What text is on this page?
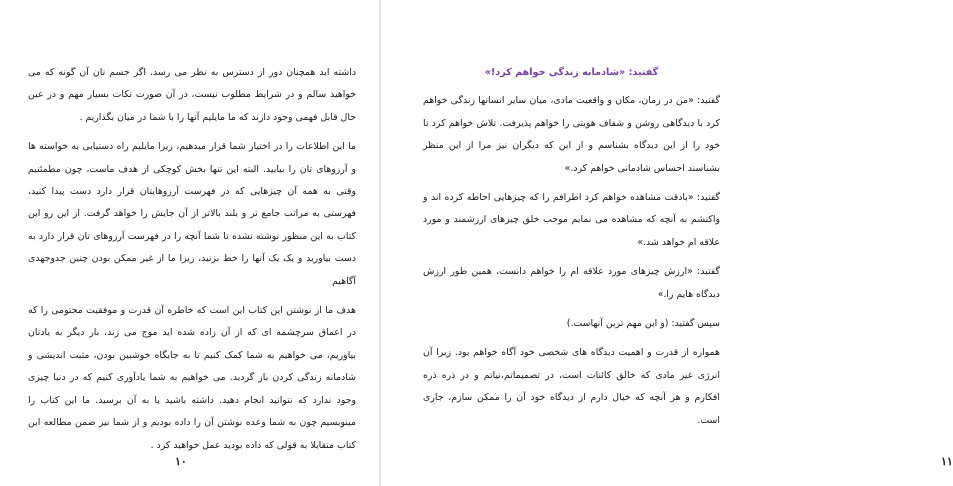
داشته اید همچنان دور از دسترس به نظر می رسد. اگر جسم تان آن گونه که می خواهید سالم و در شرایط مطلوب نیست، در آن صورت نکات بسیار مهم و در عین حال قابل فهمی وجود دارند که ما مایلیم آنها را با شما در میان بگذاریم .

ما این اطلاعات را در اختیار شما قرار میدهیم، زیرا مایلیم راه دستیابی به خواسته ها و آرزوهای تان را بیابید. البته این تنها بخش کوچکی از هدف ماست، چون مطمئنیم وقتی به همه آن چیزهایی که در فهرست آرزوهایتان قرار دارد دست پیدا کنید، فهرستی به مراتب جامع تر و بلند بالاتر از آن جایش را خواهد گرفت. از این رو این کتاب به این منظور نوشته نشده تا شما آنچه را در فهرست آرزوهای تان قرار دارد به دست بیاورید و یک یک آنها را خط بزنید، زیرا ما از غیر ممکن بودن چنین جدوجهدی آگاهیم

هدف ما از نوشتن این کتاب این است که خاطره آن قدرت و موفقیت محتومی را که در اعماق سرچشمه ای که از آن زاده شده اید موج می زند، بار دیگر به یادتان بیاوریم، می خواهیم به شما کمک کنیم تا به جایگاه خوشبین بودن، مثبت اندیشی و شادمانه زندگی کردن باز گردید. می خواهیم به شما یادآوری کنیم که در دنیا چیزی وجود ندارد که نتوانید انجام دهید. داشته باشید یا به آن برسید. ما این کتاب را مینویسیم چون به شما وعده نوشتن آن را داده بودیم و از شما نیز ضمن مطالعه این کتاب متقابلا به قولی که داده بودید عمل خواهید کرد .

۱۰

گفتید: «شادمانه زندگی خواهم کرد!»

گفتید: «من در زمان، مکان و واقعیت مادی، میان سایر انسانها زندگی خواهم کرد با دیدگاهی روشن و شفاف هویتی را خواهم پذیرفت. تلاش خواهم کرد تا خود را از این دیدگاه بشناسم و از این که دیگران نیز مرا از این منظر بشناسند احساس شادمانی خواهم کرد.»

گفتید: «بادقت مشاهده خواهم کرد اطرافم را که چیزهایی احاطه کرده اند و واکنشم به آنچه که مشاهده می نمایم موجب خلق چیزهای ارزشمند و مورد علاقه ام خواهد شد.»

گفتید: «ارزش چیزهای مورد علاقه ام را خواهم دانست، همین طور ارزش دیدگاه هایم را.»

سپس گفتید: (و این مهم ترین آنهاست.)

همواره از قدرت و اهمیت دیدگاه های شخصی خود آگاه خواهم بود. زیرا آن انرژی غیر مادی که خالق کائنات است، در تصمیماتم،نیاتم و در ذره ذره افکارم و هر آنچه که خیال دارم از دیدگاه خود آن را ممکن سازم، جاری است.

۱۱
